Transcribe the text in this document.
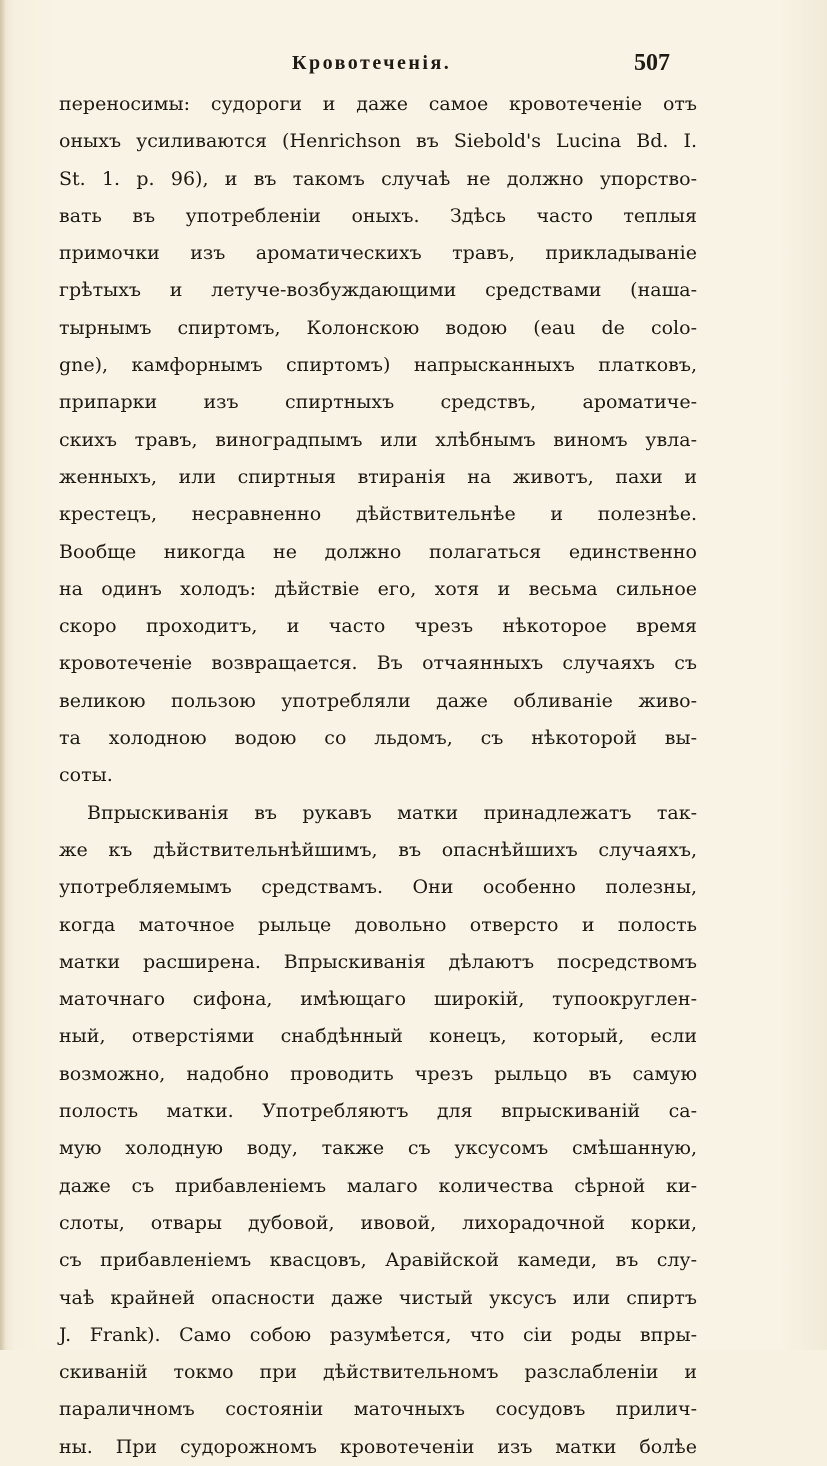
Кровотеченія.	507
переносимы: судороги и даже самое кровотеченіе отъ
оныхъ усиливаются (Henrichson въ Siebold's Lucina Bd. I.
St. 1. p. 96), и въ такомъ случаѣ не должно упорство-
вать въ употребленіи оныхъ. Здѣсь часто теплыя
примочки изъ ароматическихъ травъ, прикладываніе
грѣтыхъ и летуче-возбуждающими средствами (наша-
тырнымъ спиртомъ, Колонскою водою (eau de colo-
gne), камфорнымъ спиртомъ) напрысканныхъ платковъ,
припарки изъ спиртныхъ средствъ, ароматиче-
скихъ травъ, виноградпымъ или хлѣбнымъ виномъ увла-
женныхъ, или спиртныя втиранія на животъ, пахи и
крестецъ, несравненно дѣйствительнѣе и полезнѣе.
Вообще никогда не должно полагаться единственно
на одинъ холодъ: дѣйствіе его, хотя и весьма сильное
скоро проходитъ, и часто чрезъ нѣкоторое время
кровотеченіе возвращается. Въ отчаянныхъ случаяхъ съ
великою пользою употребляли даже обливаніе живо-
та холодною водою со льдомъ, съ нѣкоторой вы-
соты.
Впрыскиванія въ рукавъ матки принадлежатъ так-
же къ дѣйствительнѣйшимъ, въ опаснѣйшихъ случаяхъ,
употребляемымъ средствамъ. Они особенно полезны,
когда маточное рыльце довольно отверсто и полость
матки расширена. Впрыскиванія дѣлаютъ посредствомъ
маточнаго сифона, имѣющаго широкій, тупоокруглен-
ный, отверстіями снабдѣнный конецъ, который, если
возможно, надобно проводить чрезъ рыльцо въ самую
полость матки. Употребляютъ для впрыскиваній са-
мую холодную воду, также съ уксусомъ смѣшанную,
даже съ прибавленіемъ малаго количества сѣрной ки-
слоты, отвары дубовой, ивовой, лихорадочной корки,
съ прибавленіемъ квасцовъ, Аравійской камеди, въ слу-
чаѣ крайней опасности даже чистый уксусъ или спиртъ
J. Frank). Само собою разумѣется, что сіи роды впры-
скиваній токмо при дѣйствительномъ разслабленіи и
параличномъ состояніи маточныхъ сосудовъ прилич-
ны. При судорожномъ кровотеченіи изъ матки болѣе
